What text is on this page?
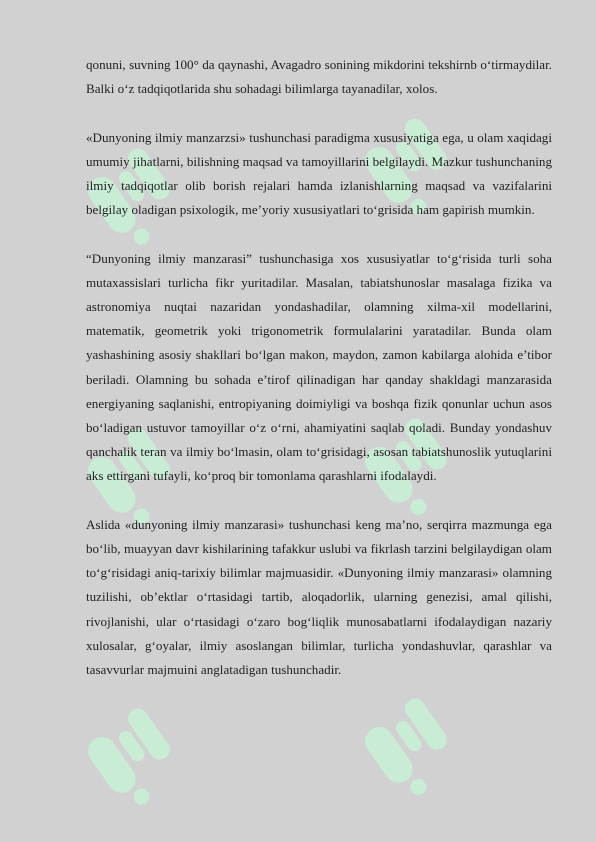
qonuni, suvning 100° da qaynashi, Avagadro sonining mikdorini tekshirnb o‘tirmaydilar. Balki o‘z tadqiqotlarida shu sohadagi bilimlarga tayanadilar, xolos.

«Dunyoning ilmiy manzarzsi» tushunchasi paradigma xususiyatiga ega, u olam xaqidagi umumiy jihatlarni, bilishning maqsad va tamoyillarini belgilaydi. Mazkur tushunchaning ilmiy tadqiqotlar olib borish rejalari hamda izlanishlarning maqsad va vazifalarini belgilay oladigan psixologik, me’yoriy xususiyatlari to‘grisida ham gapirish mumkin.

“Dunyoning ilmiy manzarasi” tushunchasiga xos xususiyatlar to‘g‘risida turli soha mutaxassislari turlicha fikr yuritadilar. Masalan, tabiatshunoslar masalaga fizika va astronomiya nuqtai nazaridan yondashadilar, olamning xilma-xil modellarini, matematik, geometrik yoki trigonometrik formulalarini yaratadilar. Bunda olam yashashining asosiy shakllari bo‘lgan makon, maydon, zamon kabilarga alohida e’tibor beriladi. Olamning bu sohada e’tirof qilinadigan har qanday shakldagi manzarasida energiyaning saqlanishi, entropiyaning doimiyligi va boshqa fizik qonunlar uchun asos bo‘ladigan ustuvor tamoyillar o‘z o‘rni, ahamiyatini saqlab qoladi. Bunday yondashuv qanchalik teran va ilmiy bo‘lmasin, olam to‘grisidagi, asosan tabiatshunoslik yutuqlarini aks ettirgani tufayli, ko‘proq bir tomonlama qarashlarni ifodalaydi.

Aslida «dunyoning ilmiy manzarasi» tushunchasi keng ma’no, serqirra mazmunga ega bo‘lib, muayyan davr kishilarining tafakkur uslubi va fikrlash tarzini belgilaydigan olam to‘g‘risidagi aniq-tarixiy bilimlar majmuasidir. «Dunyoning ilmiy manzarasi» olamning tuzilishi, ob’ektlar o‘rtasidagi tartib, aloqadorlik, ularning genezisi, amal qilishi, rivojlanishi, ular o‘rtasidagi o‘zaro bog‘liqlik munosabatlarni ifodalaydigan nazariy xulosalar, g‘oyalar, ilmiy asoslangan bilimlar, turlicha yondashuvlar, qarashlar va tasavvurlar majmuini anglatadigan tushunchadir.
